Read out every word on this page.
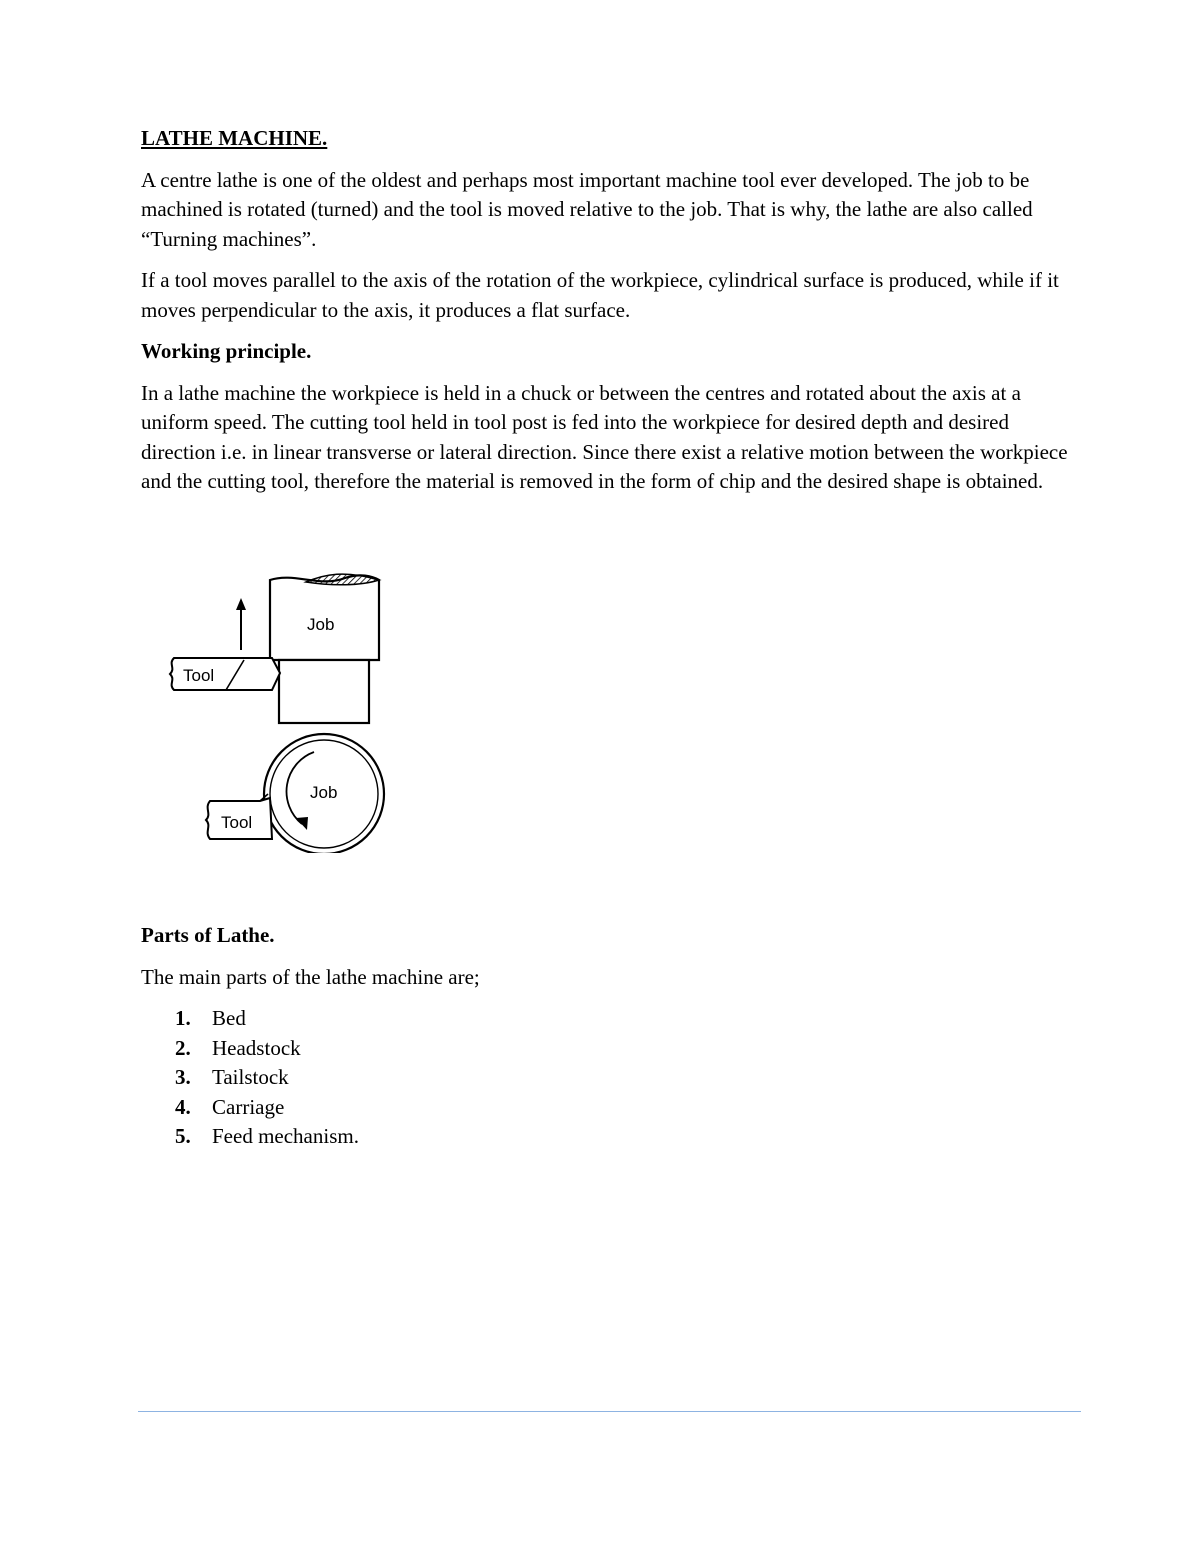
LATHE MACHINE.

A centre lathe is one of the oldest and perhaps most important machine tool ever developed. The job to be machined is rotated (turned) and the tool is moved relative to the job. That is why, the lathe are also called “Turning machines”.

If a tool moves parallel to the axis of the rotation of the workpiece, cylindrical surface is produced, while if it moves perpendicular to the axis, it produces a flat surface.

Working principle.

In a lathe machine the workpiece is held in a chuck or between the centres and rotated about the axis at a uniform speed. The cutting tool held in tool post is fed into the workpiece for desired depth and desired direction i.e. in linear transverse or lateral direction. Since there exist a relative motion between the workpiece and the cutting tool, therefore the material is removed in the form of chip and the desired shape is obtained.

Job
Tool
Job
Tool
Parts of Lathe.

The main parts of the lathe machine are;

1. Bed
2. Headstock
3. Tailstock
4. Carriage
5. Feed mechanism.
